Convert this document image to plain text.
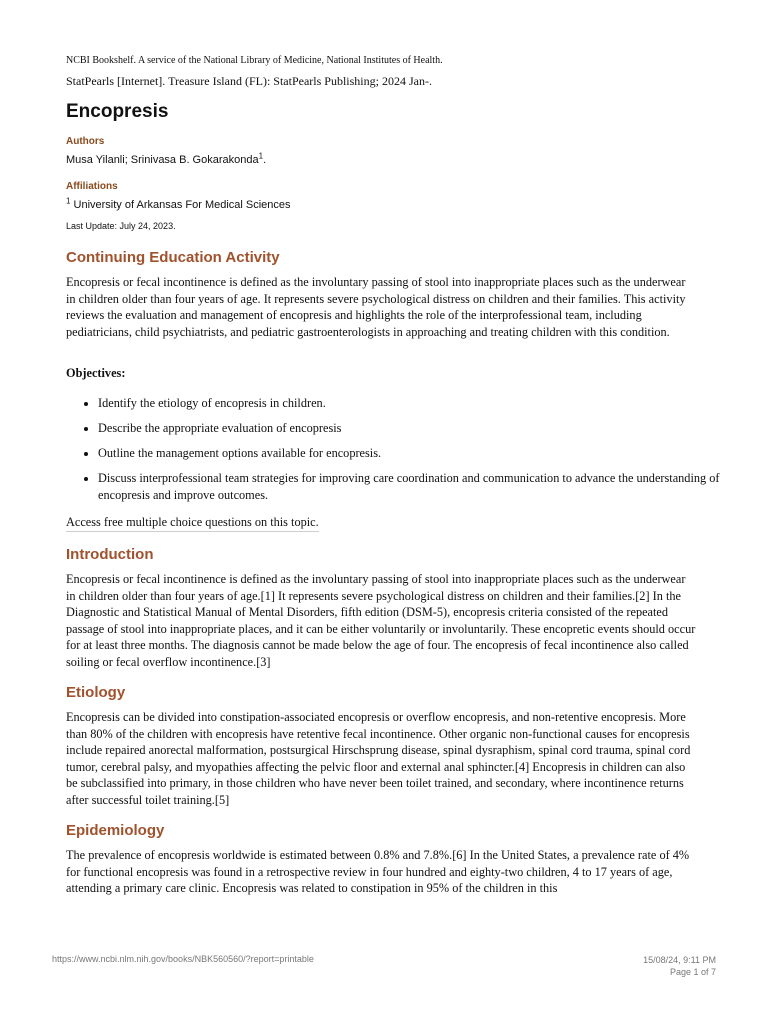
NCBI Bookshelf. A service of the National Library of Medicine, National Institutes of Health.
StatPearls [Internet]. Treasure Island (FL): StatPearls Publishing; 2024 Jan-.
Encopresis
Authors
Musa Yilanli; Srinivasa B. Gokarakonda$^1$.
Affiliations
$^1$ University of Arkansas For Medical Sciences
Last Update: July 24, 2023.
Continuing Education Activity

Encopresis or fecal incontinence is defined as the involuntary passing of stool into inappropriate places such as the underwear in children older than four years of age. It represents severe psychological distress on children and their families. This activity reviews the evaluation and management of encopresis and highlights the role of the interprofessional team, including pediatricians, child psychiatrists, and pediatric gastroenterologists in approaching and treating children with this condition.

Objectives:
• Identify the etiology of encopresis in children.
• Describe the appropriate evaluation of encopresis
• Outline the management options available for encopresis.
• Discuss interprofessional team strategies for improving care coordination and communication to advance the understanding of encopresis and improve outcomes.
Access free multiple choice questions on this topic.
Introduction

Encopresis or fecal incontinence is defined as the involuntary passing of stool into inappropriate places such as the underwear in children older than four years of age.[1] It represents severe psychological distress on children and their families.[2] In the Diagnostic and Statistical Manual of Mental Disorders, fifth edition (DSM-5), encopresis criteria consisted of the repeated passage of stool into inappropriate places, and it can be either voluntarily or involuntarily. These encopretic events should occur for at least three months. The diagnosis cannot be made below the age of four. The encopresis of fecal incontinence also called soiling or fecal overflow incontinence.[3]

Etiology

Encopresis can be divided into constipation-associated encopresis or overflow encopresis, and non-retentive encopresis. More than 80% of the children with encopresis have retentive fecal incontinence. Other organic non-functional causes for encopresis include repaired anorectal malformation, postsurgical Hirschsprung disease, spinal dysraphism, spinal cord trauma, spinal cord tumor, cerebral palsy, and myopathies affecting the pelvic floor and external anal sphincter.[4] Encopresis in children can also be subclassified into primary, in those children who have never been toilet trained, and secondary, where incontinence returns after successful toilet training.[5]

Epidemiology

The prevalence of encopresis worldwide is estimated between 0.8% and 7.8%.[6] In the United States, a prevalence rate of 4% for functional encopresis was found in a retrospective review in four hundred and eighty-two children, 4 to 17 years of age, attending a primary care clinic. Encopresis was related to constipation in 95% of the children in this

https://www.ncbi.nlm.nih.gov/books/NBK560560/?report=printable	15/08/24, 9:11 PM
Page 1 of 7
